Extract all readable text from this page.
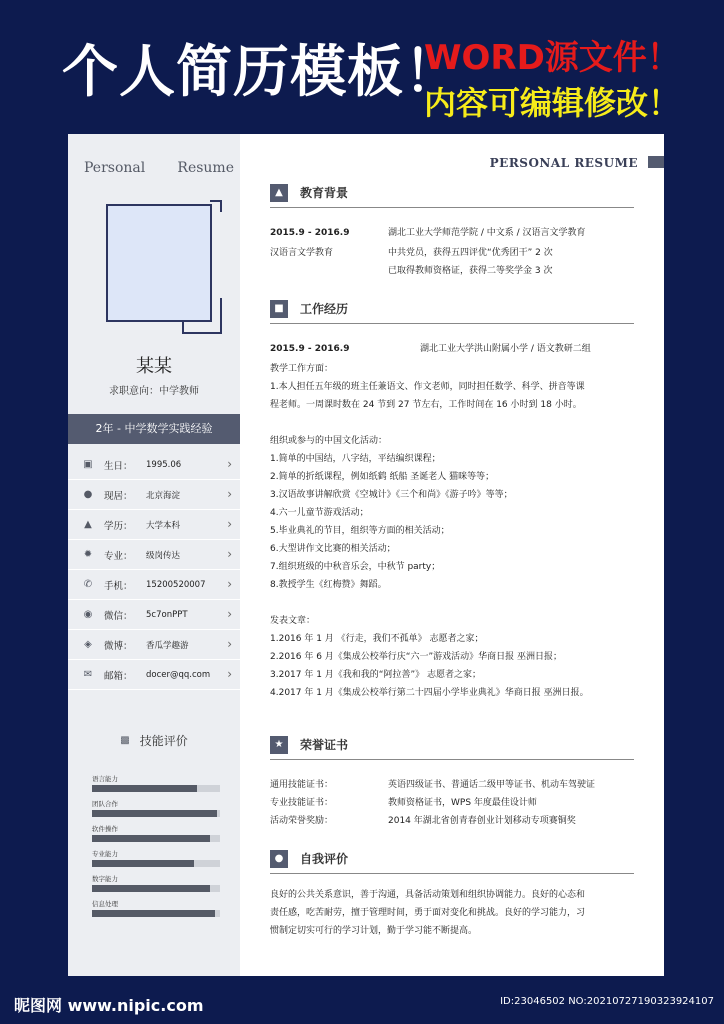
个人简历模板！
WORD源文件！
内容可编辑修改！
Personal Resume
某某
求职意向：中学教师
2年 - 中学数学实践经验
▣ 生日：	1995.06	›
● 现居：	北京海淀	›
▲ 学历：	大学本科	›
✹ 专业：	级岗传达	›
✆ 手机：	15200520007 ›
◉ 微信：	5c7onPPT	›
◈ 微博：	香瓜学趣游	›
✉ 邮箱：	docer@qq.com ›
▩ 技能评价
语言能力
团队合作
软件操作
专业能力
数字能力
信息处理
PERSONAL RESUME
▲	教育背景
2015.9 - 2016.9	湖北工业大学师范学院 / 中文系 / 汉语言文学教育
汉语言文学教育	中共党员，获得五四评优“优秀团干” 2 次
已取得教师资格证，获得二等奖学金 3 次
■	工作经历
2015.9 - 2016.9	湖北工业大学洪山附属小学 / 语文教研二组
教学工作方面：
1.本人担任五年级的班主任兼语文、作文老师，同时担任数学、科学、拼音等课
程老师。一周课时数在 24 节到 27 节左右，工作时间在 16 小时到 18 小时。
组织或参与的中国文化活动：
1.简单的中国结，八字结，平结编织课程；
2.简单的折纸课程，例如纸鹤 纸船 圣诞老人 猫咪等等；
3.汉语故事讲解欣赏《空城计》《三个和尚》《游子吟》等等；
4.六一儿童节游戏活动；
5.毕业典礼的节目，组织等方面的相关活动；
6.大型讲作文比赛的相关活动；
7.组织班级的中秋音乐会，中秋节 party；
8.教授学生《红梅赞》舞蹈。
发表文章：
1.2016 年 1 月 《行走，我们不孤单》 志愿者之家；
2.2016 年 6 月《集成公校举行庆“六一”游戏活动》华商日报 巫洲日报；
3.2017 年 1 月《我和我的“阿拉善”》 志愿者之家；
4.2017 年 1 月《集成公校举行第二十四届小学毕业典礼》华商日报 巫洲日报。
★	荣誉证书
通用技能证书：	英语四级证书、普通话二级甲等证书、机动车驾驶证
专业技能证书：	教师资格证书，WPS 年度最佳设计师
活动荣誉奖励：	2014 年湖北省创青春创业计划移动专项赛铜奖
●	自我评价
良好的公共关系意识，善于沟通，具备活动策划和组织协调能力。良好的心态和
责任感，吃苦耐劳，擅于管理时间，勇于面对变化和挑战。良好的学习能力，习
惯制定切实可行的学习计划，勤于学习能不断提高。
昵图网 www.nipic.com	ID:23046502 NO:20210727190323924107
